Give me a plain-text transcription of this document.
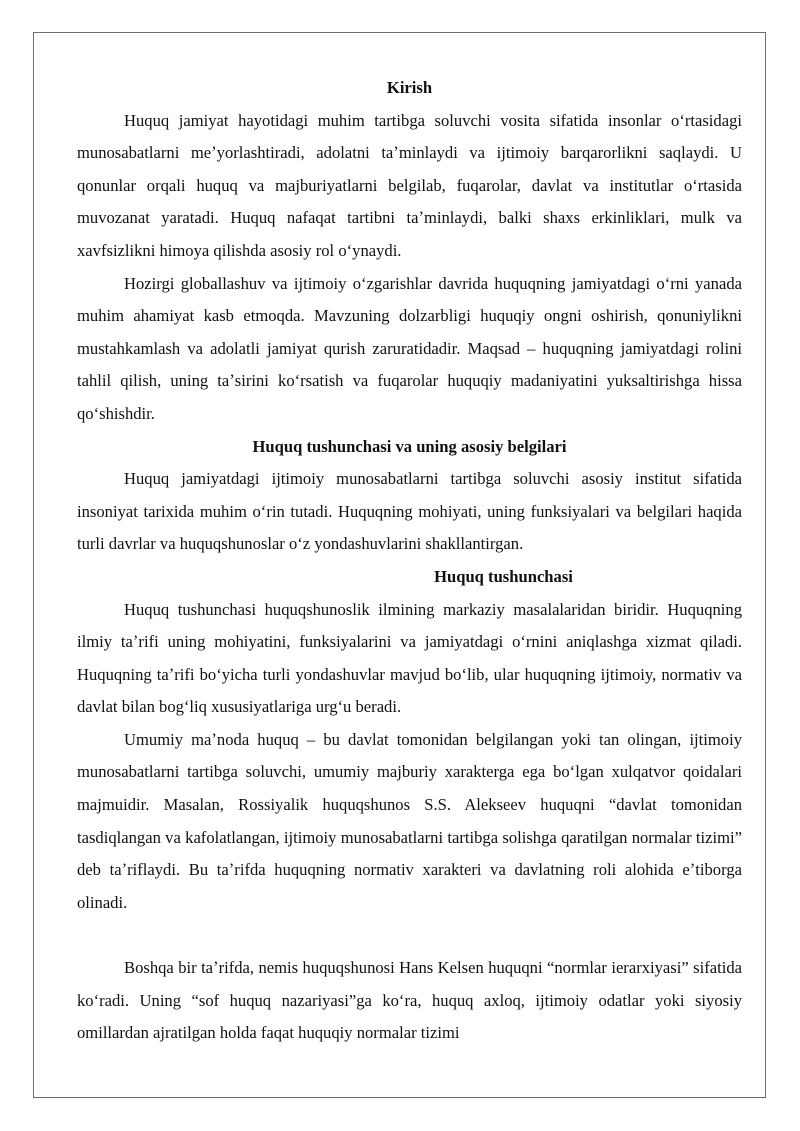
Kirish

Huquq jamiyat hayotidagi muhim tartibga soluvchi vosita sifatida insonlar oʻrtasidagi munosabatlarni meʼyorlashtiradi, adolatni taʼminlaydi va ijtimoiy barqarorlikni saqlaydi. U qonunlar orqali huquq va majburiyatlarni belgilab, fuqarolar, davlat va institutlar oʻrtasida muvozanat yaratadi. Huquq nafaqat tartibni taʼminlaydi, balki shaxs erkinliklari, mulk va xavfsizlikni himoya qilishda asosiy rol oʻynaydi.

Hozirgi globallashuv va ijtimoiy oʻzgarishlar davrida huquqning jamiyatdagi oʻrni yanada muhim ahamiyat kasb etmoqda. Mavzuning dolzarbligi huquqiy ongni oshirish, qonuniylikni mustahkamlash va adolatli jamiyat qurish zaruratidadir. Maqsad – huquqning jamiyatdagi rolini tahlil qilish, uning taʼsirini koʻrsatish va fuqarolar huquqiy madaniyatini yuksaltirishga hissa qoʻshishdir.

Huquq tushunchasi va uning asosiy belgilari

Huquq jamiyatdagi ijtimoiy munosabatlarni tartibga soluvchi asosiy institut sifatida insoniyat tarixida muhim oʻrin tutadi. Huquqning mohiyati, uning funksiyalari va belgilari haqida turli davrlar va huquqshunoslar oʻz yondashuvlarini shakllantirgan.

Huquq tushunchasi

Huquq tushunchasi huquqshunoslik ilmining markaziy masalalaridan biridir. Huquqning ilmiy taʼrifi uning mohiyatini, funksiyalarini va jamiyatdagi oʻrnini aniqlashga xizmat qiladi. Huquqning taʼrifi boʻyicha turli yondashuvlar mavjud boʻlib, ular huquqning ijtimoiy, normativ va davlat bilan bogʻliq xususiyatlariga urgʻu beradi.

Umumiy maʼnoda huquq – bu davlat tomonidan belgilangan yoki tan olingan, ijtimoiy munosabatlarni tartibga soluvchi, umumiy majburiy xarakterga ega boʻlgan xulqatvor qoidalari majmuidir. Masalan, Rossiyalik huquqshunos S.S. Alekseev huquqni “davlat tomonidan tasdiqlangan va kafolatlangan, ijtimoiy munosabatlarni tartibga solishga qaratilgan normalar tizimi” deb taʼriflaydi. Bu taʼrifda huquqning normativ xarakteri va davlatning roli alohida eʼtiborga olinadi.

Boshqa bir taʼrifda, nemis huquqshunosi Hans Kelsen huquqni “normlar ierarxiyasi” sifatida koʻradi. Uning “sof huquq nazariyasi”ga koʻra, huquq axloq, ijtimoiy odatlar yoki siyosiy omillardan ajratilgan holda faqat huquqiy normalar tizimi
